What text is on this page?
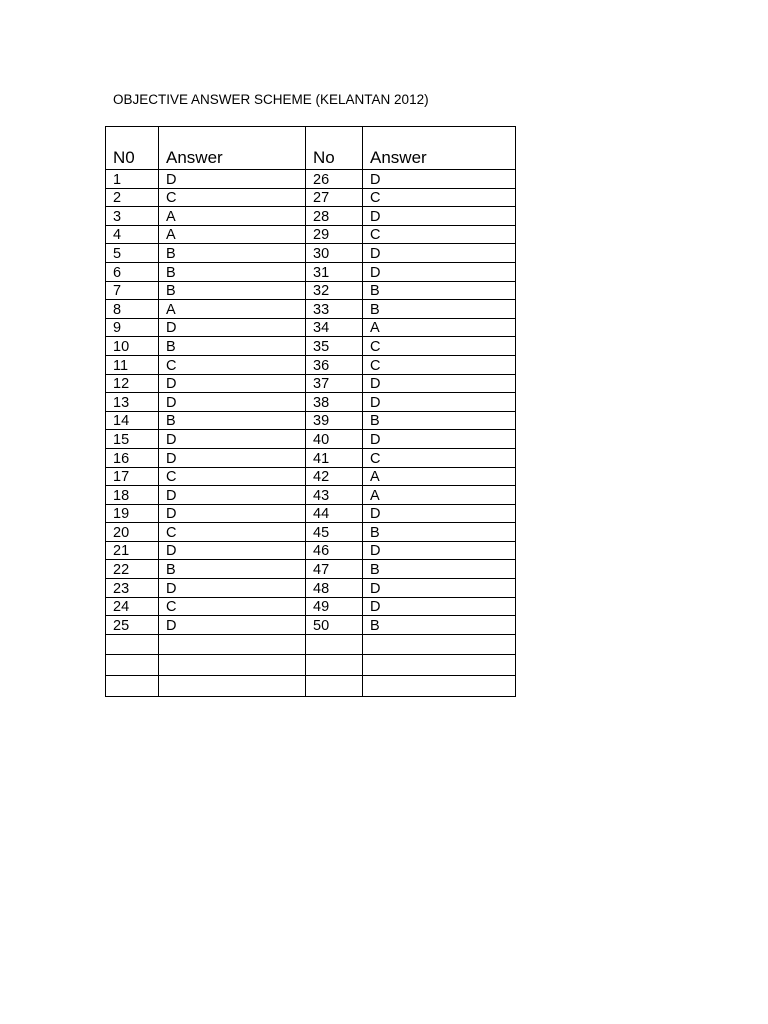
OBJECTIVE ANSWER SCHEME (KELANTAN 2012)
N0	Answer	No	Answer
1	D	26	D
2	C	27	C
3	A	28	D
4	A	29	C
5	B	30	D
6	B	31	D
7	B	32	B
8	A	33	B
9	D	34	A
10	B	35	C
11	C	36	C
12	D	37	D
13	D	38	D
14	B	39	B
15	D	40	D
16	D	41	C
17	C	42	A
18	D	43	A
19	D	44	D
20	C	45	B
21	D	46	D
22	B	47	B
23	D	48	D
24	C	49	D
25	D	50	B
